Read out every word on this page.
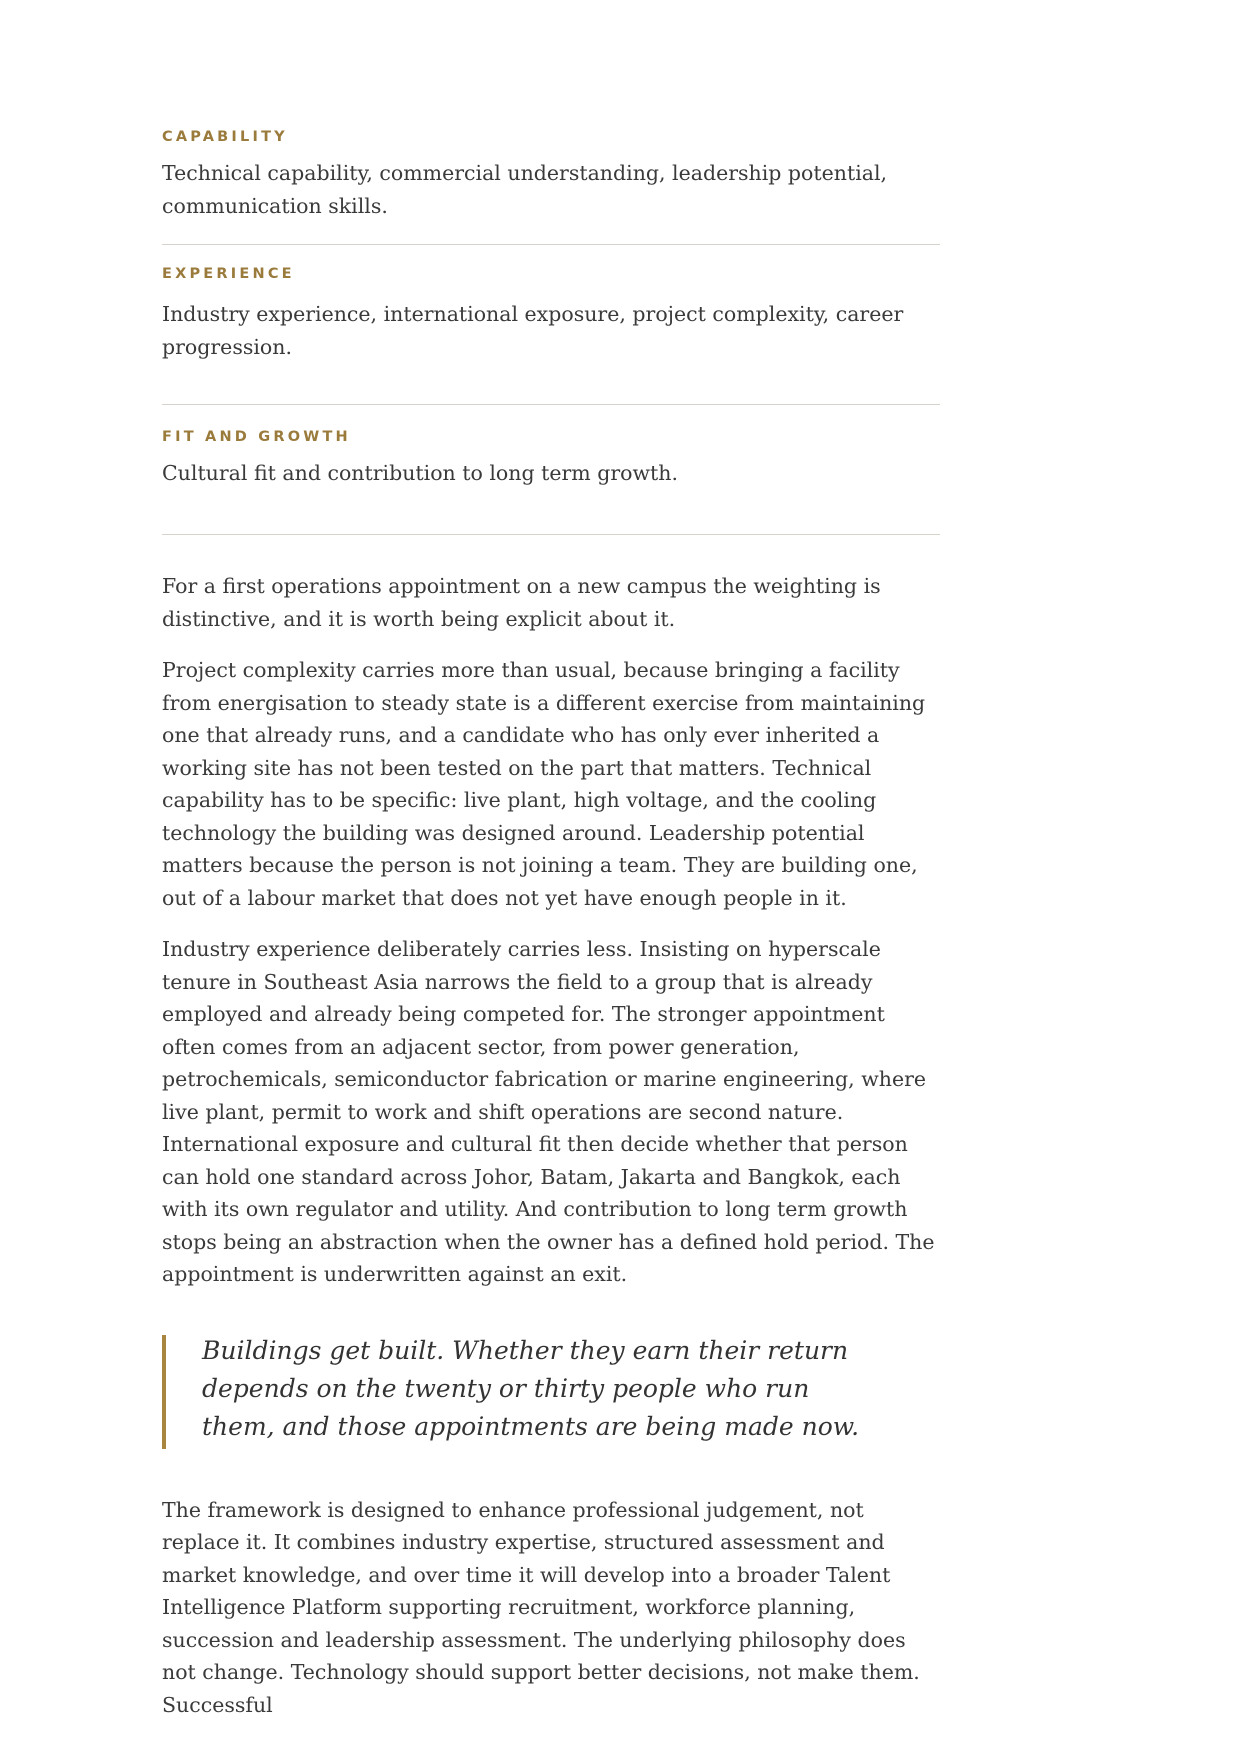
CAPABILITY

Technical capability, commercial understanding, leadership potential, communication skills.

EXPERIENCE

Industry experience, international exposure, project complexity, career progression.

FIT AND GROWTH

Cultural fit and contribution to long term growth.

For a first operations appointment on a new campus the weighting is distinctive, and it is worth being explicit about it.

Project complexity carries more than usual, because bringing a facility from energisation to steady state is a different exercise from maintaining one that already runs, and a candidate who has only ever inherited a working site has not been tested on the part that matters. Technical capability has to be specific: live plant, high voltage, and the cooling technology the building was designed around. Leadership potential matters because the person is not joining a team. They are building one, out of a labour market that does not yet have enough people in it.

Industry experience deliberately carries less. Insisting on hyperscale tenure in Southeast Asia narrows the field to a group that is already employed and already being competed for. The stronger appointment often comes from an adjacent sector, from power generation, petrochemicals, semiconductor fabrication or marine engineering, where live plant, permit to work and shift operations are second nature. International exposure and cultural fit then decide whether that person can hold one standard across Johor, Batam, Jakarta and Bangkok, each with its own regulator and utility. And contribution to long term growth stops being an abstraction when the owner has a defined hold period. The appointment is underwritten against an exit.

Buildings get built. Whether they earn their return depends on the twenty or thirty people who run them, and those appointments are being made now.

The framework is designed to enhance professional judgement, not replace it. It combines industry expertise, structured assessment and market knowledge, and over time it will develop into a broader Talent Intelligence Platform supporting recruitment, workforce planning, succession and leadership assessment. The underlying philosophy does not change. Technology should support better decisions, not make them. Successful
